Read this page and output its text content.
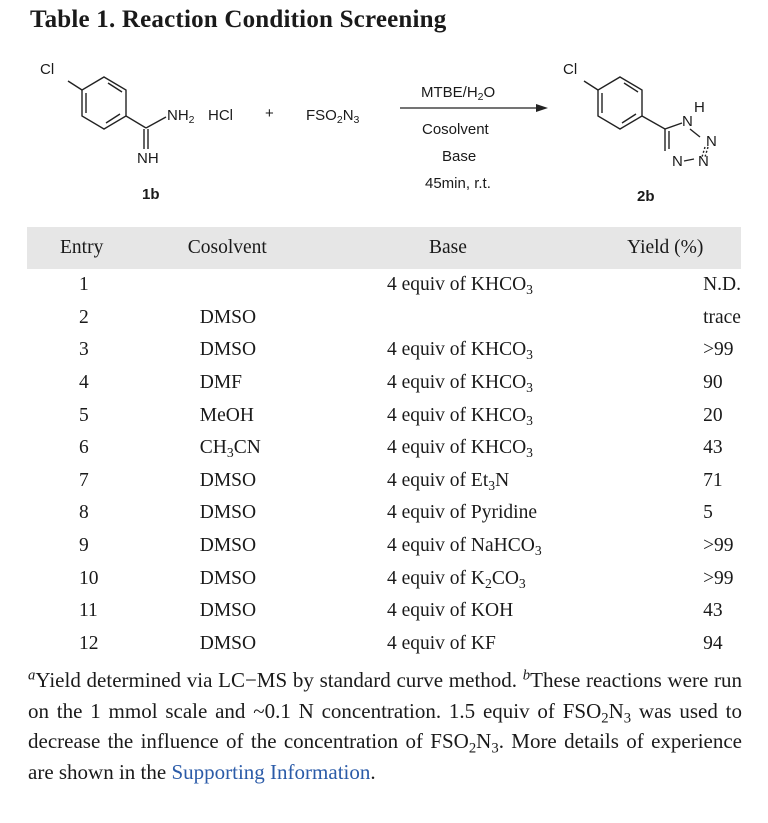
Table 1. Reaction Condition Screening
Cl
$NH_2$ HCl
NH
1b
+ $FSO_2N_3$
MTBE/$H_2O$
Cosolvent
Base
45min, r.t.
Cl
H
N
N
N
N
2b
Entry	Cosolvent	Base	Yield (%)
1		4 equiv of $KHCO_3$	N.D.
2	DMSO		trace
3	DMSO	4 equiv of $KHCO_3$	>99
4	DMF	4 equiv of $KHCO_3$	90
5	MeOH	4 equiv of $KHCO_3$	20
6	$CH_3CN$	4 equiv of $KHCO_3$	43
7	DMSO	4 equiv of $Et_3N$	71
8	DMSO	4 equiv of Pyridine	5
9	DMSO	4 equiv of NaHCO$_3$	>99
10	DMSO	4 equiv of $K_2CO_3$	>99
11	DMSO	4 equiv of KOH	43
12	DMSO	4 equiv of KF	94
$^a$Yield determined via LC−MS by standard curve method. $^b$These reactions were run on the 1 mmol scale and ~0.1 N concentration. 1.5 equiv of $FSO_2N_3$ was used to decrease the influence of the concentration of $FSO_2N_3$. More details of experience are shown in the Supporting Information.
